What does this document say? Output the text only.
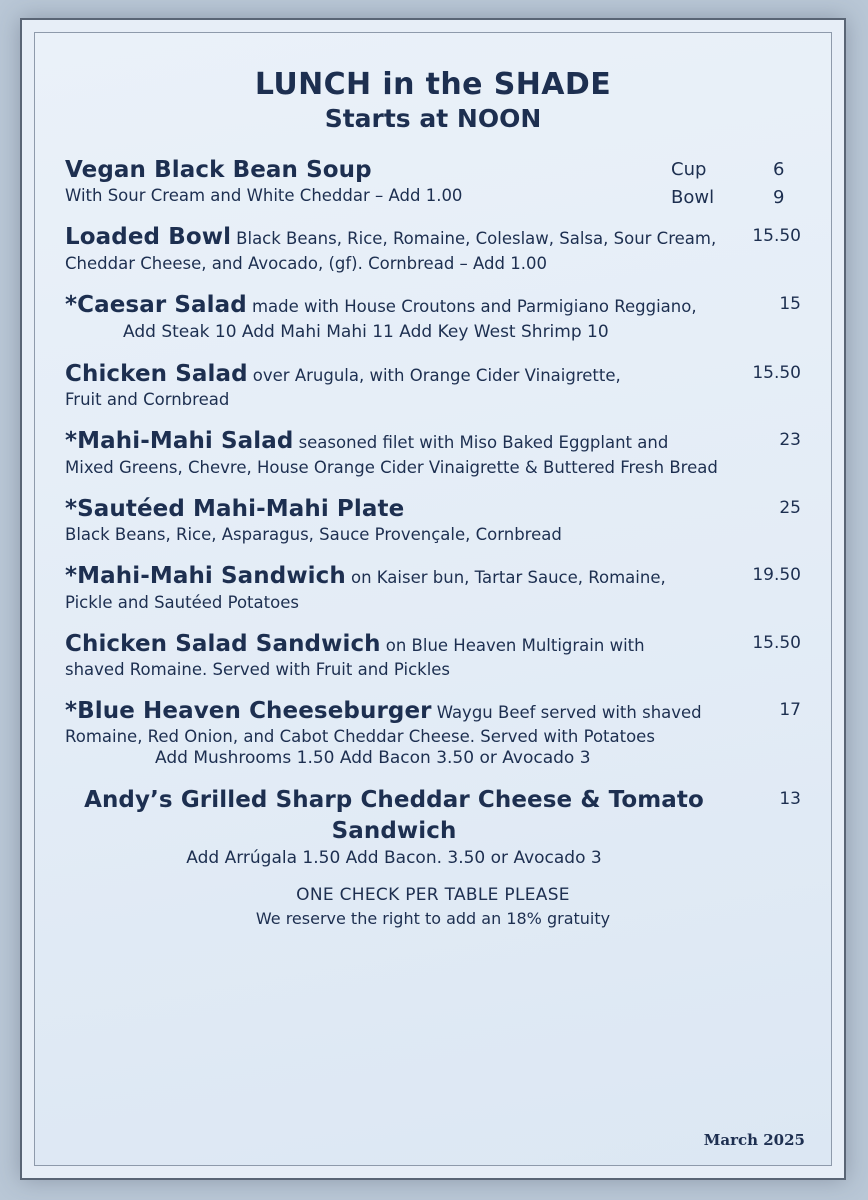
LUNCH in the SHADE
Starts at NOON
Vegan Black Bean Soup
With Sour Cream and White Cheddar – Add 1.00
Cup	6
Bowl	9
Loaded Bowl Black Beans, Rice, Romaine, Coleslaw, Salsa, Sour Cream,
Cheddar Cheese, and Avocado, (gf). Cornbread – Add 1.00
15.50
*Caesar Salad made with House Croutons and Parmigiano Reggiano,
Add Steak 10 Add Mahi Mahi 11 Add Key West Shrimp 10
15
Chicken Salad over Arugula, with Orange Cider Vinaigrette,
Fruit and Cornbread
15.50
*Mahi-Mahi Salad seasoned filet with Miso Baked Eggplant and
Mixed Greens, Chevre, House Orange Cider Vinaigrette & Buttered Fresh Bread
23
*Sautéed Mahi-Mahi Plate
Black Beans, Rice, Asparagus, Sauce Provençale, Cornbread
25
*Mahi-Mahi Sandwich on Kaiser bun, Tartar Sauce, Romaine,
Pickle and Sautéed Potatoes
19.50
Chicken Salad Sandwich on Blue Heaven Multigrain with
shaved Romaine. Served with Fruit and Pickles
15.50
*Blue Heaven Cheeseburger Waygu Beef served with shaved
Romaine, Red Onion, and Cabot Cheddar Cheese. Served with Potatoes
Add Mushrooms 1.50 Add Bacon 3.50 or Avocado 3
17
Andy’s Grilled Sharp Cheddar Cheese & Tomato Sandwich
Add Arrúgala 1.50 Add Bacon. 3.50 or Avocado 3
13
ONE CHECK PER TABLE PLEASE
We reserve the right to add an 18% gratuity
March 2025
